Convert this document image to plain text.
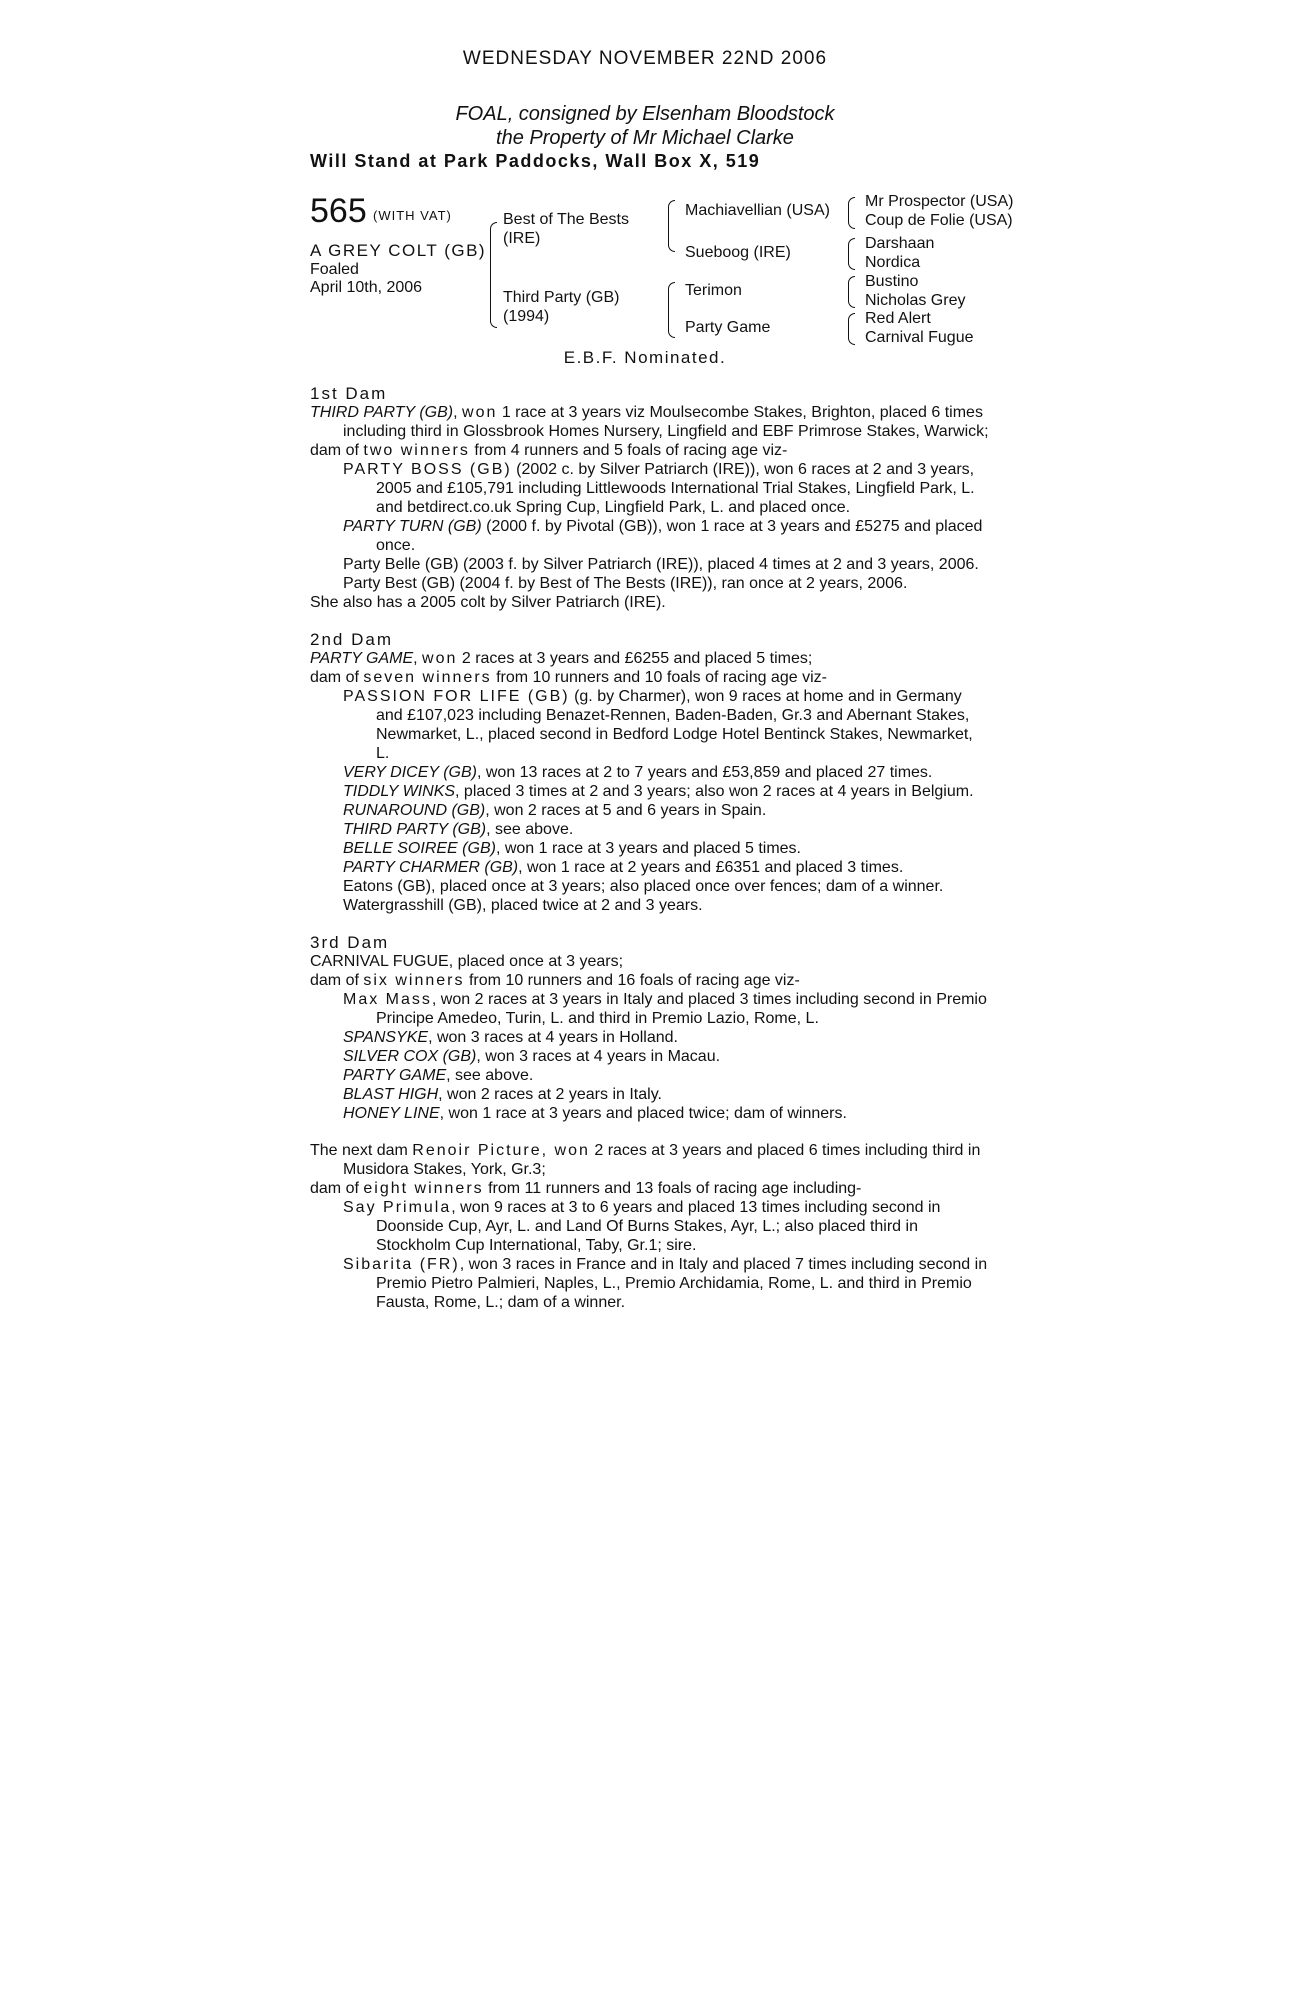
WEDNESDAY NOVEMBER 22ND 2006
FOAL, consigned by Elsenham Bloodstock
the Property of Mr Michael Clarke
Will Stand at Park Paddocks, Wall Box X, 519
565 (WITH VAT)
A GREY COLT (GB)
Foaled
April 10th, 2006
Best of The Bests
(IRE)
Third Party (GB)
(1994)
Machiavellian (USA)
Sueboog (IRE)
Terimon
Party Game
Mr Prospector (USA)
Coup de Folie (USA)
Darshaan
Nordica
Bustino
Nicholas Grey
Red Alert
Carnival Fugue
E.B.F. Nominated.

1st Dam

THIRD PARTY (GB), won 1 race at 3 years viz Moulsecombe Stakes, Brighton, placed 6 times including third in Glossbrook Homes Nursery, Lingfield and EBF Primrose Stakes, Warwick;

dam of two winners from 4 runners and 5 foals of racing age viz-

PARTY BOSS (GB) (2002 c. by Silver Patriarch (IRE)), won 6 races at 2 and 3 years, 2005 and £105,791 including Littlewoods International Trial Stakes, Lingfield Park, L. and betdirect.co.uk Spring Cup, Lingfield Park, L. and placed once.

PARTY TURN (GB) (2000 f. by Pivotal (GB)), won 1 race at 3 years and £5275 and placed once.

Party Belle (GB) (2003 f. by Silver Patriarch (IRE)), placed 4 times at 2 and 3 years, 2006.

Party Best (GB) (2004 f. by Best of The Bests (IRE)), ran once at 2 years, 2006.

She also has a 2005 colt by Silver Patriarch (IRE).

2nd Dam

PARTY GAME, won 2 races at 3 years and £6255 and placed 5 times;

dam of seven winners from 10 runners and 10 foals of racing age viz-

PASSION FOR LIFE (GB) (g. by Charmer), won 9 races at home and in Germany and £107,023 including Benazet-Rennen, Baden-Baden, Gr.3 and Abernant Stakes, Newmarket, L., placed second in Bedford Lodge Hotel Bentinck Stakes, Newmarket, L.

VERY DICEY (GB), won 13 races at 2 to 7 years and £53,859 and placed 27 times.

TIDDLY WINKS, placed 3 times at 2 and 3 years; also won 2 races at 4 years in Belgium.

RUNAROUND (GB), won 2 races at 5 and 6 years in Spain.

THIRD PARTY (GB), see above.

BELLE SOIREE (GB), won 1 race at 3 years and placed 5 times.

PARTY CHARMER (GB), won 1 race at 2 years and £6351 and placed 3 times.

Eatons (GB), placed once at 3 years; also placed once over fences; dam of a winner.

Watergrasshill (GB), placed twice at 2 and 3 years.

3rd Dam

CARNIVAL FUGUE, placed once at 3 years;

dam of six winners from 10 runners and 16 foals of racing age viz-

Max Mass, won 2 races at 3 years in Italy and placed 3 times including second in Premio Principe Amedeo, Turin, L. and third in Premio Lazio, Rome, L.

SPANSYKE, won 3 races at 4 years in Holland.

SILVER COX (GB), won 3 races at 4 years in Macau.

PARTY GAME, see above.

BLAST HIGH, won 2 races at 2 years in Italy.

HONEY LINE, won 1 race at 3 years and placed twice; dam of winners.

The next dam Renoir Picture, won 2 races at 3 years and placed 6 times including third in Musidora Stakes, York, Gr.3;

dam of eight winners from 11 runners and 13 foals of racing age including-

Say Primula, won 9 races at 3 to 6 years and placed 13 times including second in Doonside Cup, Ayr, L. and Land Of Burns Stakes, Ayr, L.; also placed third in Stockholm Cup International, Taby, Gr.1; sire.

Sibarita (FR), won 3 races in France and in Italy and placed 7 times including second in Premio Pietro Palmieri, Naples, L., Premio Archidamia, Rome, L. and third in Premio Fausta, Rome, L.; dam of a winner.
